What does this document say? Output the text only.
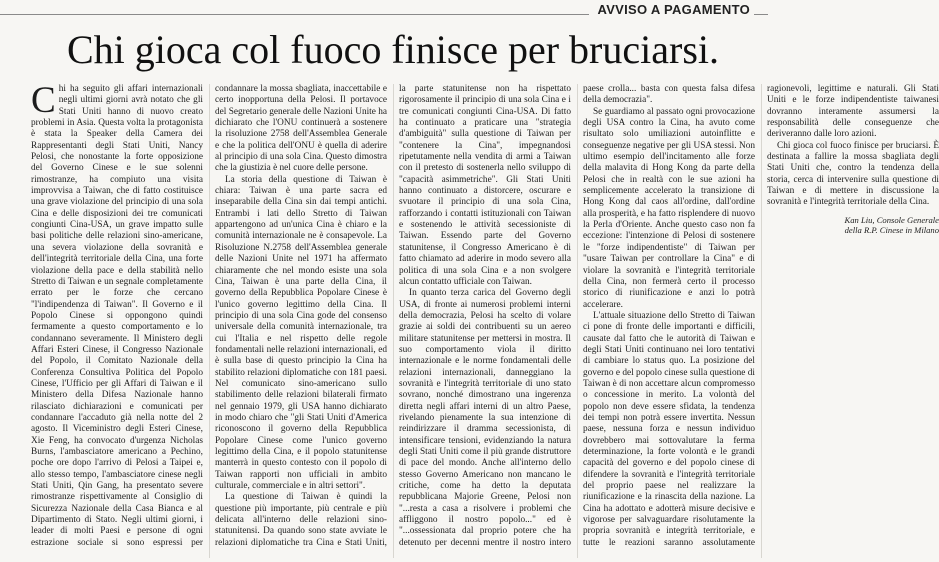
AVVISO A PAGAMENTO
Chi gioca col fuoco finisce per bruciarsi.

Chi ha seguito gli affari internazionali negli ultimi giorni avrà notato che gli Stati Uniti hanno di nuovo creato problemi in Asia. Questa volta la protagonista è stata la Speaker della Camera dei Rappresentanti degli Stati Uniti, Nancy Pelosi, che nonostante la forte opposizione del Governo Cinese e le sue solenni rimostranze, ha compiuto una visita improvvisa a Taiwan, che di fatto costituisce una grave violazione del principio di una sola Cina e delle disposizioni dei tre comunicati congiunti Cina-USA, un grave impatto sulle basi politiche delle relazioni sino-americane, una severa violazione della sovranità e dell'integrità territoriale della Cina, una forte violazione della pace e della stabilità nello Stretto di Taiwan e un segnale completamente errato per le forze che cercano "l'indipendenza di Taiwan". Il Governo e il Popolo Cinese si oppongono quindi fermamente a questo comportamento e lo condannano severamente. Il Ministero degli Affari Esteri Cinese, il Congresso Nazionale del Popolo, il Comitato Nazionale della Conferenza Consultiva Politica del Popolo Cinese, l'Ufficio per gli Affari di Taiwan e il Ministero della Difesa Nazionale hanno rilasciato dichiarazioni e comunicati per condannare l'accaduto già nella notte del 2 agosto. Il Viceministro degli Esteri Cinese, Xie Feng, ha convocato d'urgenza Nicholas Burns, l'ambasciatore americano a Pechino, poche ore dopo l'arrivo di Pelosi a Taipei e, allo stesso tempo, l'ambasciatore cinese negli Stati Uniti, Qin Gang, ha presentato severe rimostranze rispettivamente al Consiglio di Sicurezza Nazionale della Casa Bianca e al Dipartimento di Stato. Negli ultimi giorni, i leader di molti Paesi e persone di ogni estrazione sociale si sono espressi per condannare la mossa sbagliata, inaccettabile e certo inopportuna della Pelosi. Il portavoce del Segretario generale delle Nazioni Unite ha dichiarato che l'ONU continuerà a sostenere la risoluzione 2758 dell'Assemblea Generale e che la politica dell'ONU è quella di aderire al principio di una sola Cina. Questo dimostra che la giustizia è nel cuore delle persone.

La storia della questione di Taiwan è chiara: Taiwan è una parte sacra ed inseparabile della Cina sin dai tempi antichi. Entrambi i lati dello Stretto di Taiwan appartengono ad un'unica Cina è chiaro e la comunità internazionale ne è consapevole. La Risoluzione N.2758 dell'Assemblea generale delle Nazioni Unite nel 1971 ha affermato chiaramente che nel mondo esiste una sola Cina, Taiwan è una parte della Cina, il governo della Repubblica Popolare Cinese è l'unico governo legittimo della Cina. Il principio di una sola Cina gode del consenso universale della comunità internazionale, tra cui l'Italia e nel rispetto delle regole fondamentali nelle relazioni internazionali, ed è sulla base di questo principio la Cina ha stabilito relazioni diplomatiche con 181 paesi. Nel comunicato sino-americano sullo stabilimento delle relazioni bilaterali firmato nel gennaio 1979, gli USA hanno dichiarato in modo chiaro che "gli Stati Uniti d'America riconoscono il governo della Repubblica Popolare Cinese come l'unico governo legittimo della Cina, e il popolo statunitense manterrà in questo contesto con il popolo di Taiwan rapporti non ufficiali in ambito culturale, commerciale e in altri settori".

La questione di Taiwan è quindi la questione più importante, più centrale e più delicata all'interno delle relazioni sino-statunitensi. Da quando sono state avviate le relazioni diplomatiche tra Cina e Stati Uniti, la parte statunitense non ha rispettato rigorosamente il principio di una sola Cina e i tre comunicati congiunti Cina-USA. Di fatto ha continuato a praticare una "strategia d'ambiguità" sulla questione di Taiwan per "contenere la Cina", impegnandosi ripetutamente nella vendita di armi a Taiwan con il pretesto di sostenerla nello sviluppo di "capacità asimmetriche". Gli Stati Uniti hanno continuato a distorcere, oscurare e svuotare il principio di una sola Cina, rafforzando i contatti istituzionali con Taiwan e sostenendo le attività secessioniste di Taiwan. Essendo parte del Governo statunitense, il Congresso Americano è di fatto chiamato ad aderire in modo severo alla politica di una sola Cina e a non svolgere alcun contatto ufficiale con Taiwan.

In quanto terza carica del Governo degli USA, di fronte ai numerosi problemi interni della democrazia, Pelosi ha scelto di volare grazie ai soldi dei contribuenti su un aereo militare statunitense per mettersi in mostra. Il suo comportamento viola il diritto internazionale e le norme fondamentali delle relazioni internazionali, danneggiano la sovranità e l'integrità territoriale di uno stato sovrano, nonché dimostrano una ingerenza diretta negli affari interni di un altro Paese, rivelando pienamente la sua intenzione di reindirizzare il dramma secessionista, di intensificare tensioni, evidenziando la natura degli Stati Uniti come il più grande distruttore di pace del mondo. Anche all'interno dello stesso Governo Americano non mancano le critiche, come ha detto la deputata repubblicana Majorie Greene, Pelosi non "...resta a casa a risolvere i problemi che affliggono il nostro popolo..." ed è "...ossessionata dal proprio potere che ha detenuto per decenni mentre il nostro intero paese crolla... basta con questa falsa difesa della democrazia".

Se guardiamo al passato ogni provocazione degli USA contro la Cina, ha avuto come risultato solo umiliazioni autoinflitte e conseguenze negative per gli USA stessi. Non ultimo esempio dell'incitamento alle forze della malavita di Hong Kong da parte della Pelosi che in realtà con le sue azioni ha semplicemente accelerato la transizione di Hong Kong dal caos all'ordine, dall'ordine alla prosperità, e ha fatto risplendere di nuovo la Perla d'Oriente. Anche questo caso non fa eccezione: l'intenzione di Pelosi di sostenere le "forze indipendentiste" di Taiwan per "usare Taiwan per controllare la Cina" e di violare la sovranità e l'integrità territoriale della Cina, non fermerà certo il processo storico di riunificazione e anzi lo potrà accelerare.

L'attuale situazione dello Stretto di Taiwan ci pone di fronte delle importanti e difficili, causate dal fatto che le autorità di Taiwan e degli Stati Uniti continuano nei loro tentativi di cambiare lo status quo. La posizione del governo e del popolo cinese sulla questione di Taiwan è di non accettare alcun compromesso o concessione in merito. La volontà del popolo non deve essere sfidata, la tendenza dei tempi non potrà essere invertita. Nessun paese, nessuna forza e nessun individuo dovrebbero mai sottovalutare la ferma determinazione, la forte volontà e le grandi capacità del governo e del popolo cinese di difendere la sovranità e l'integrità territoriale del proprio paese nel realizzare la riunificazione e la rinascita della nazione. La Cina ha adottato e adotterà misure decisive e vigorose per salvaguardare risolutamente la propria sovranità e integrità territoriale, e tutte le reazioni saranno assolutamente ragionevoli, legittime e naturali. Gli Stati Uniti e le forze indipendentiste taiwanesi dovranno interamente assumersi la responsabilità delle conseguenze che deriveranno dalle loro azioni.

Chi gioca col fuoco finisce per bruciarsi. È destinata a fallire la mossa sbagliata degli Stati Uniti che, contro la tendenza della storia, cerca di intervenire sulla questione di Taiwan e di mettere in discussione la sovranità e l'integrità territoriale della Cina.

Kan Liu, Console Generale
della R.P. Cinese in Milano
